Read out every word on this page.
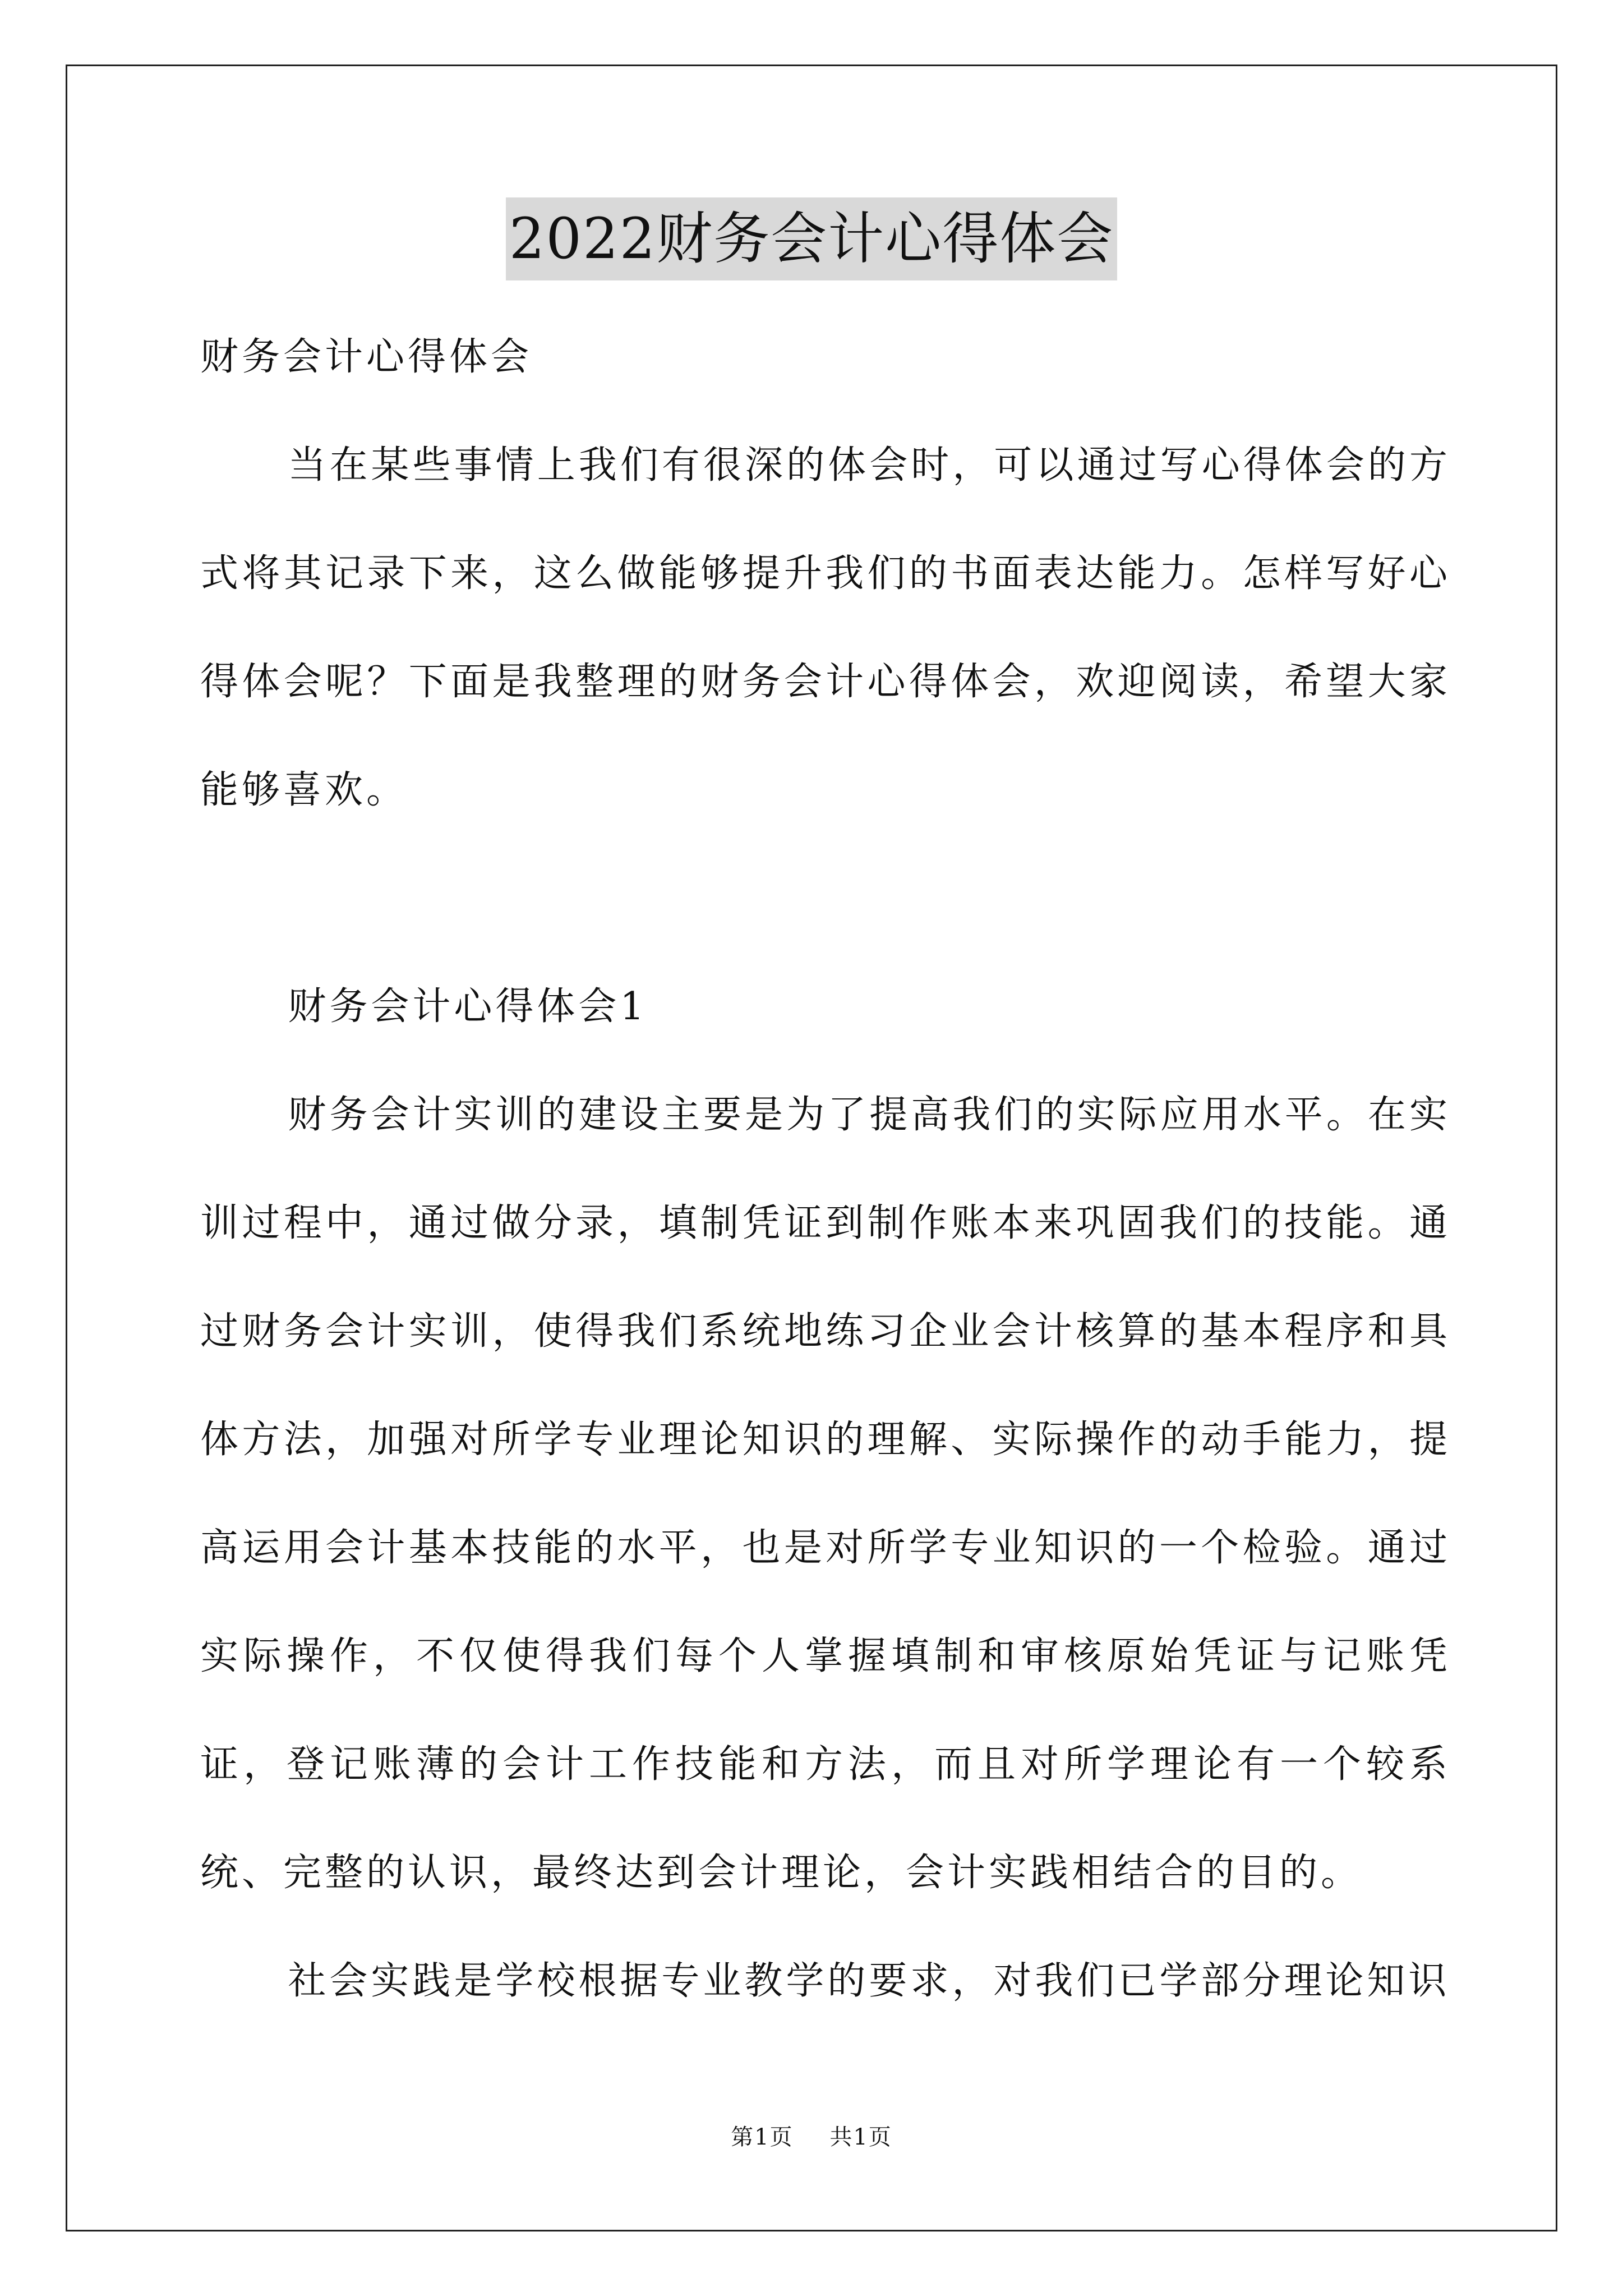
2022财务会计心得体会

财务会计心得体会

当在某些事情上我们有很深的体会时，可以通过写心得体会的方式将其记录下来，这么做能够提升我们的书面表达能力。怎样写好心得体会呢？下面是我整理的财务会计心得体会，欢迎阅读，希望大家能够喜欢。

财务会计心得体会1

财务会计实训的建设主要是为了提高我们的实际应用水平。在实训过程中，通过做分录，填制凭证到制作账本来巩固我们的技能。通过财务会计实训，使得我们系统地练习企业会计核算的基本程序和具体方法，加强对所学专业理论知识的理解、实际操作的动手能力，提高运用会计基本技能的水平，也是对所学专业知识的一个检验。通过实际操作，不仅使得我们每个人掌握填制和审核原始凭证与记账凭证，登记账薄的会计工作技能和方法，而且对所学理论有一个较系统、完整的认识，最终达到会计理论，会计实践相结合的目的。

社会实践是学校根据专业教学的要求，对我们已学部分理论知识

第1页 共1页
